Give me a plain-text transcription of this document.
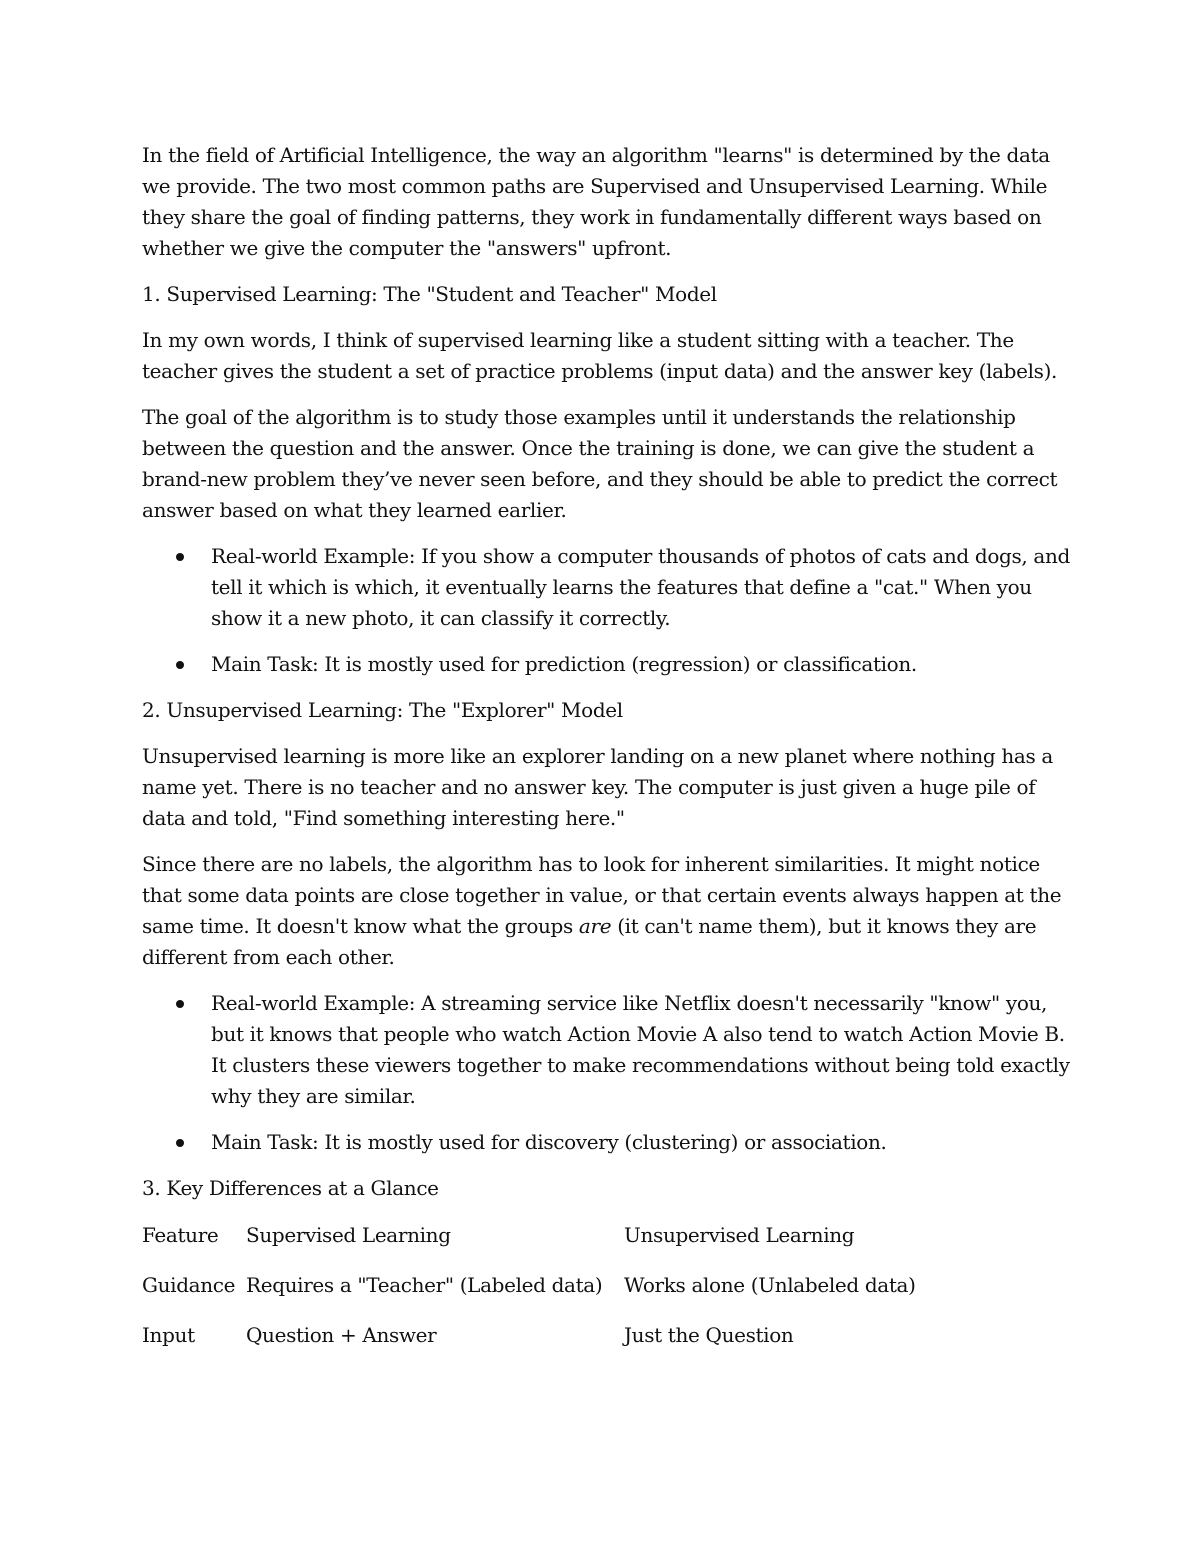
In the field of Artificial Intelligence, the way an algorithm "learns" is determined by the data we provide. The two most common paths are Supervised and Unsupervised Learning. While they share the goal of finding patterns, they work in fundamentally different ways based on whether we give the computer the "answers" upfront.

1. Supervised Learning: The "Student and Teacher" Model

In my own words, I think of supervised learning like a student sitting with a teacher. The teacher gives the student a set of practice problems (input data) and the answer key (labels).

The goal of the algorithm is to study those examples until it understands the relationship between the question and the answer. Once the training is done, we can give the student a brand-new problem they’ve never seen before, and they should be able to predict the correct answer based on what they learned earlier.

Real-world Example: If you show a computer thousands of photos of cats and dogs, and tell it which is which, it eventually learns the features that define a "cat." When you show it a new photo, it can classify it correctly.
Main Task: It is mostly used for prediction (regression) or classification.

2. Unsupervised Learning: The "Explorer" Model

Unsupervised learning is more like an explorer landing on a new planet where nothing has a name yet. There is no teacher and no answer key. The computer is just given a huge pile of data and told, "Find something interesting here."

Since there are no labels, the algorithm has to look for inherent similarities. It might notice that some data points are close together in value, or that certain events always happen at the same time. It doesn't know what the groups are (it can't name them), but it knows they are different from each other.

Real-world Example: A streaming service like Netflix doesn't necessarily "know" you, but it knows that people who watch Action Movie A also tend to watch Action Movie B. It clusters these viewers together to make recommendations without being told exactly why they are similar.
Main Task: It is mostly used for discovery (clustering) or association.

3. Key Differences at a Glance

Feature	Supervised Learning	Unsupervised Learning
Guidance	Requires a "Teacher" (Labeled data)	Works alone (Unlabeled data)
Input	Question + Answer	Just the Question
